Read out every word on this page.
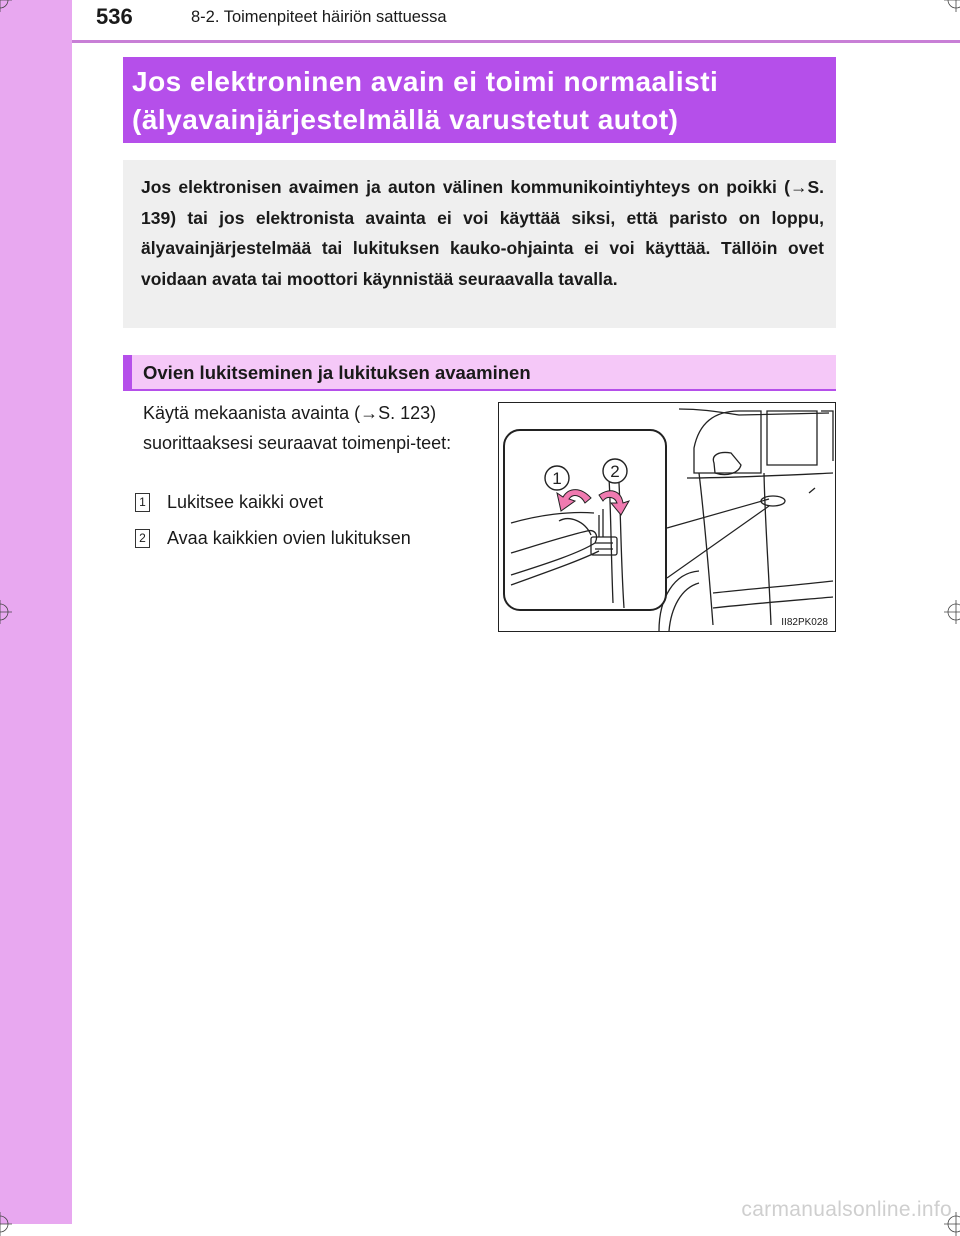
536	8-2. Toimenpiteet häiriön sattuessa
Jos elektroninen avain ei toimi normaalisti
(älyavainjärjestelmällä varustetut autot)

Jos elektronisen avaimen ja auton välinen kommunikointiyhteys on poikki (→S. 139) tai jos elektronista avainta ei voi käyttää siksi, että paristo on loppu, älyavainjärjestelmää tai lukituksen kauko-ohjainta ei voi käyttää. Tällöin ovet voidaan avata tai moottori käynnistää seuraavalla tavalla.

Ovien lukitseminen ja lukituksen avaaminen

Käytä mekaanista avainta (→S. 123) suorittaaksesi seuraavat toimenpi-teet:

1 Lukitsee kaikki ovet
2 Avaa kaikkien ovien lukituksen
1	2
II82PK028
carmanualsonline.info
